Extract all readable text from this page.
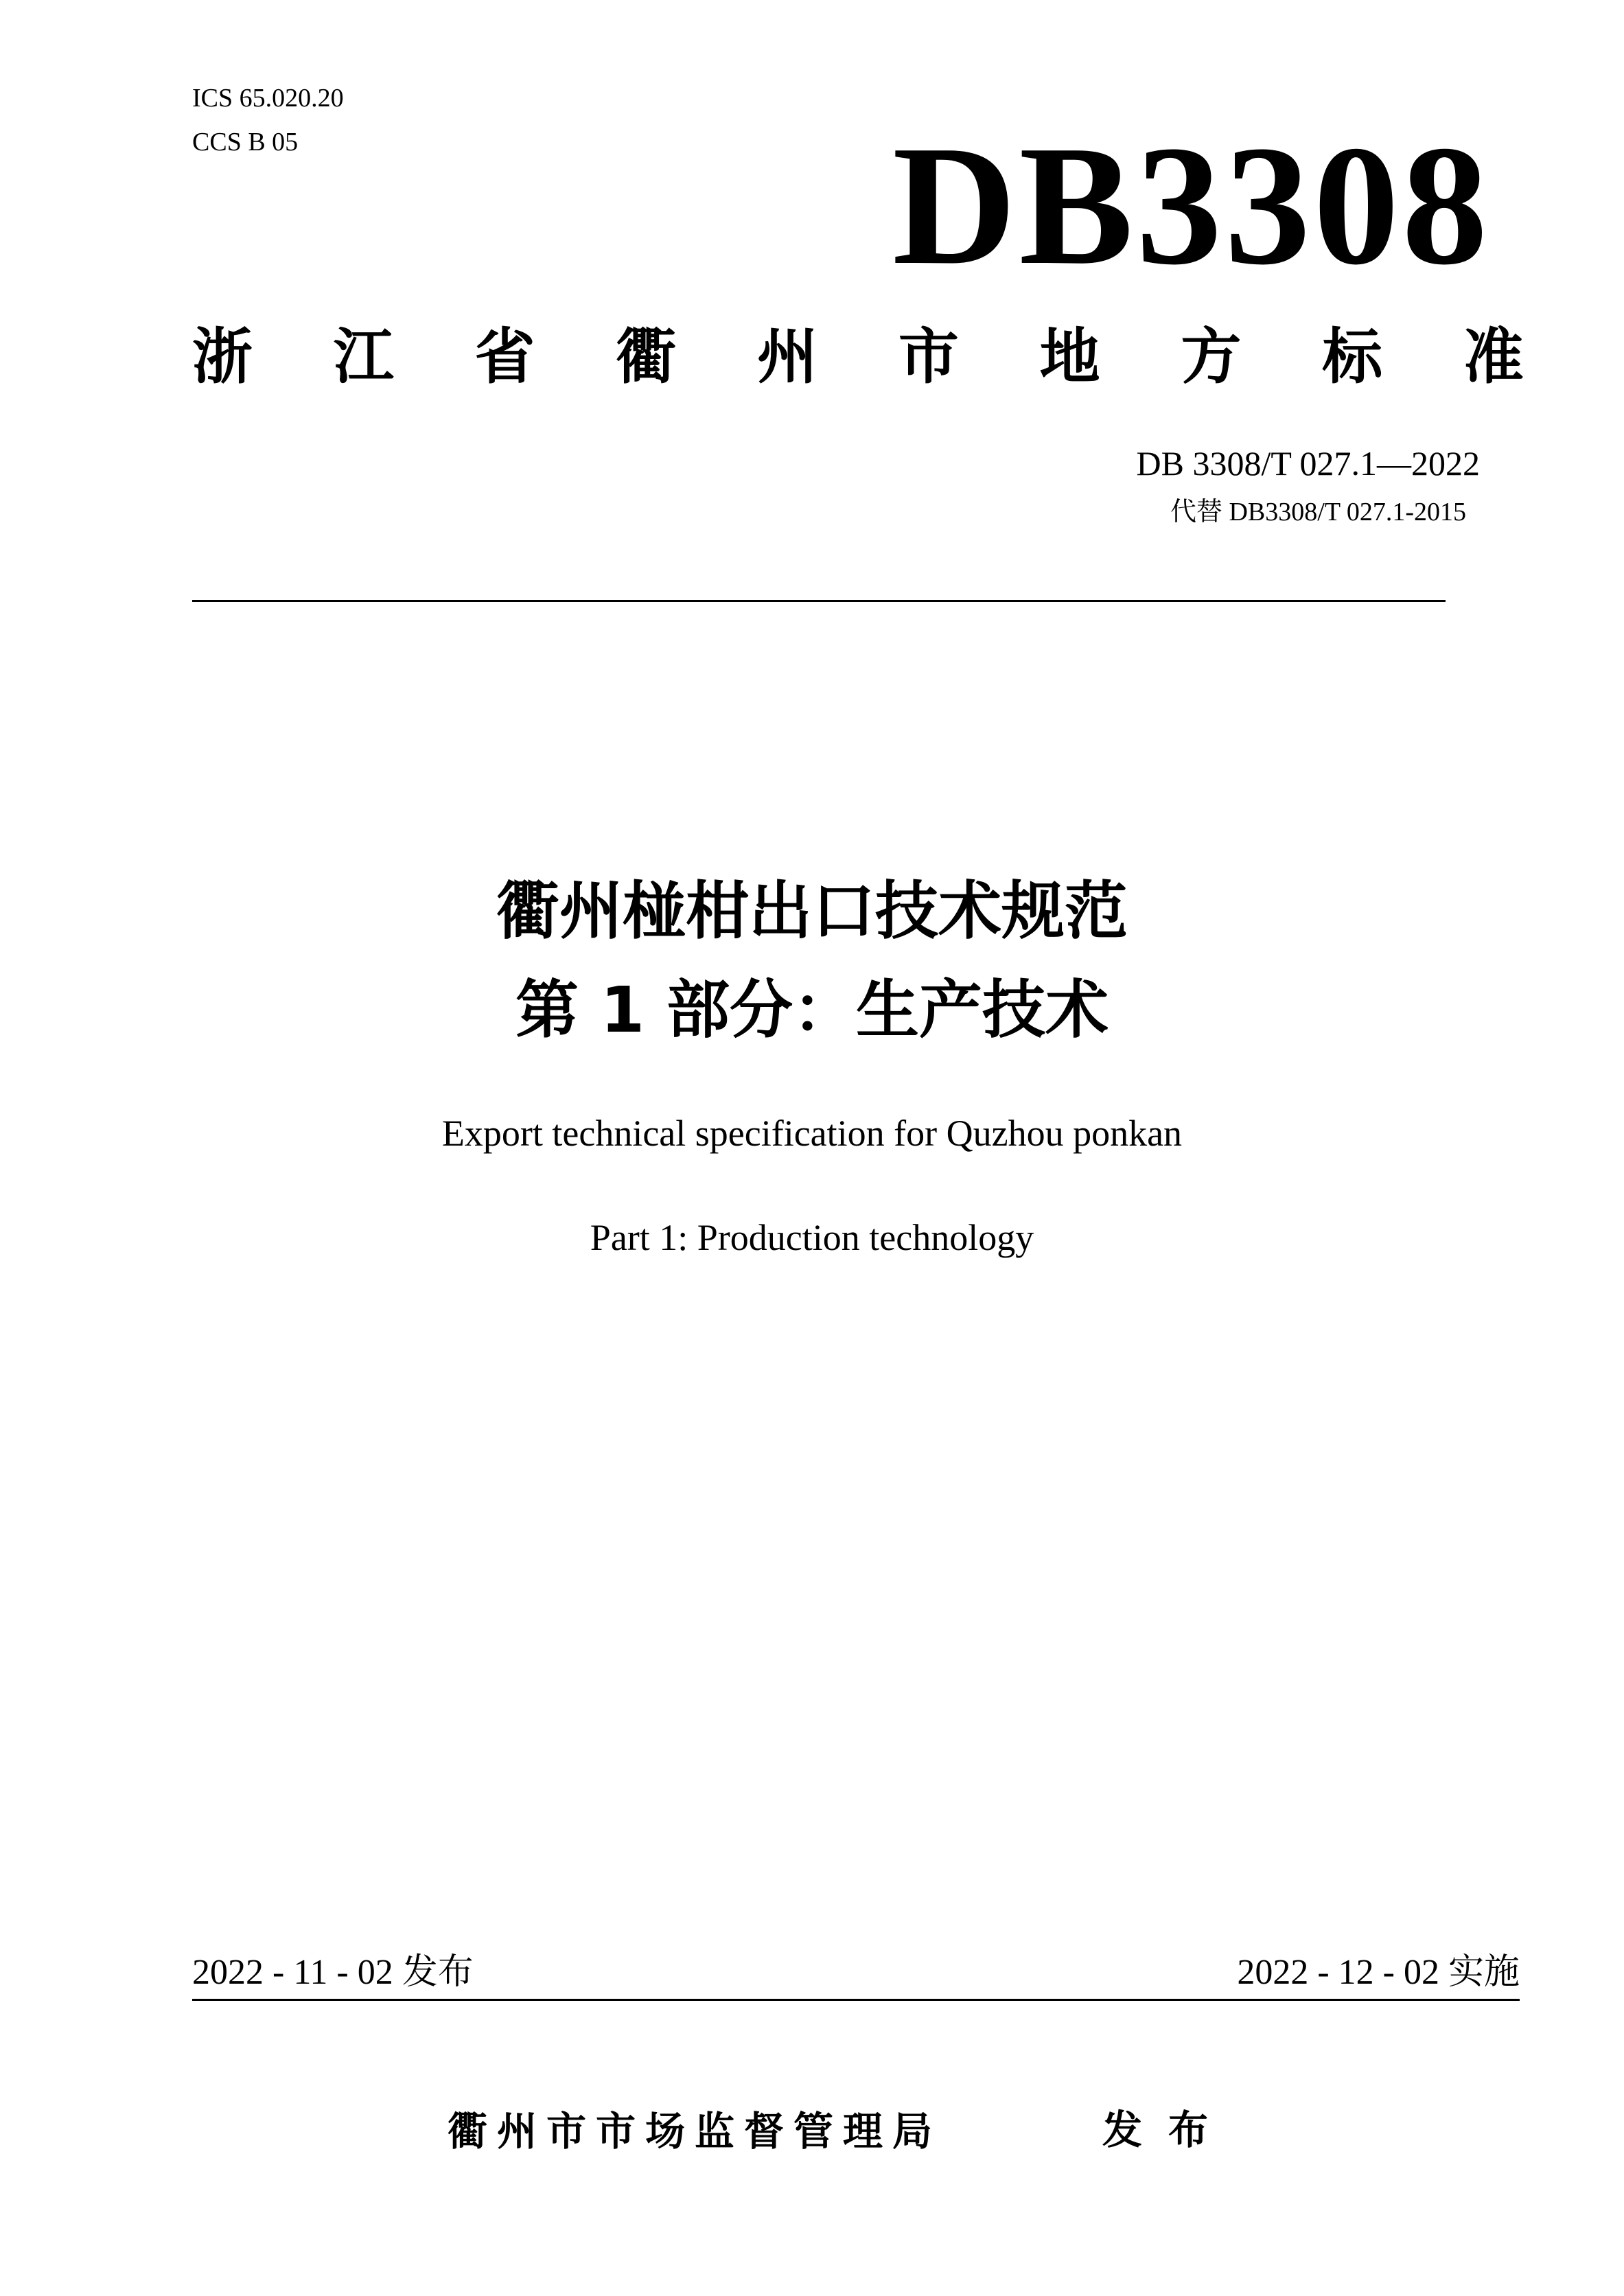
ICS 65.020.20
CCS B 05	DB3308
浙 江 省 衢 州 市 地 方 标 准
DB 3308/T 027.1—2022
代替 DB3308/T 027.1-2015
衢州椪柑出口技术规范
第 1 部分：生产技术
Export technical specification for Quzhou ponkan
Part 1: Production technology
2022 - 11 - 02 发布	2022 - 12 - 02 实施
衢州市市场监督管理局	发布
